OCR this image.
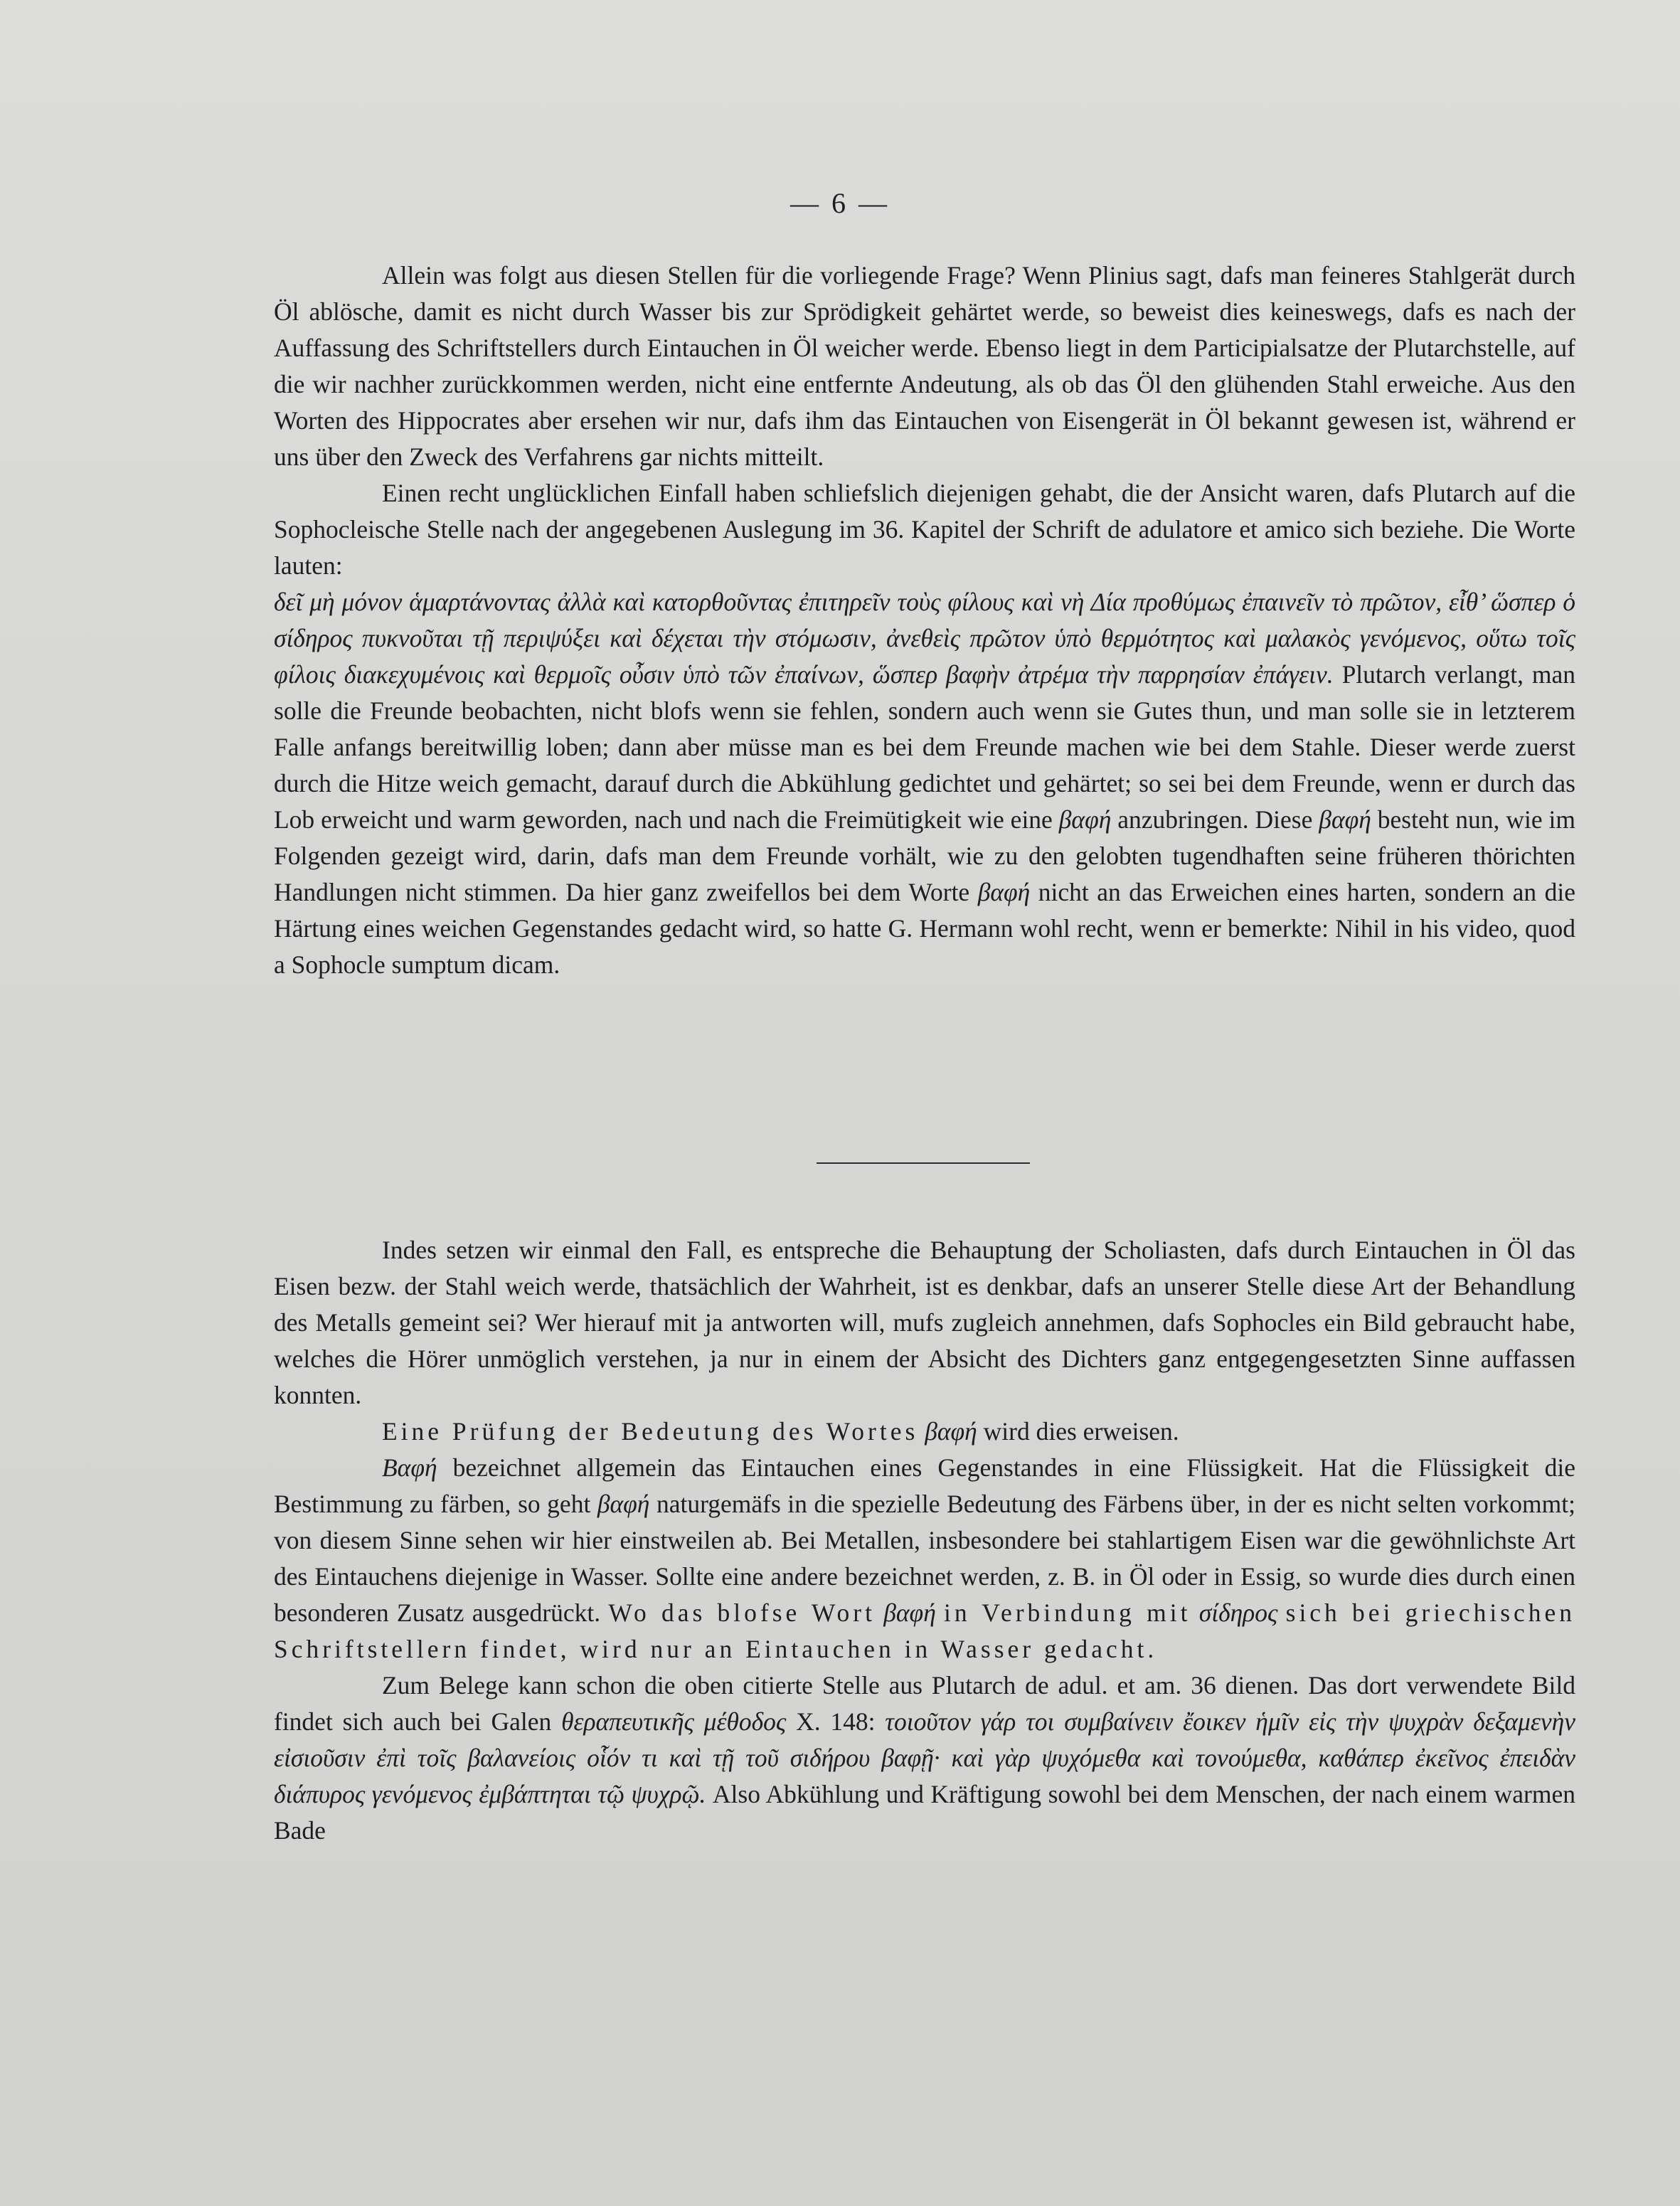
— 6 —

Allein was folgt aus diesen Stellen für die vorliegende Frage? Wenn Plinius sagt, dafs man feineres Stahlgerät durch Öl ablösche, damit es nicht durch Wasser bis zur Sprödigkeit gehärtet werde, so beweist dies keineswegs, dafs es nach der Auffassung des Schriftstellers durch Eintauchen in Öl weicher werde. Ebenso liegt in dem Participialsatze der Plutarchstelle, auf die wir nachher zurückkommen werden, nicht eine entfernte Andeutung, als ob das Öl den glühenden Stahl erweiche. Aus den Worten des Hippocrates aber ersehen wir nur, dafs ihm das Eintauchen von Eisengerät in Öl bekannt gewesen ist, während er uns über den Zweck des Verfahrens gar nichts mitteilt.

Einen recht unglücklichen Einfall haben schliefslich diejenigen gehabt, die der Ansicht waren, dafs Plutarch auf die Sophocleische Stelle nach der angegebenen Auslegung im 36. Kapitel der Schrift de adulatore et amico sich beziehe. Die Worte lauten:

δεῖ μὴ μόνον ἁμαρτάνοντας ἀλλὰ καὶ κατορθοῦντας ἐπιτηρεῖν τοὺς φίλους καὶ νὴ Δία προθύμως ἐπαινεῖν τὸ πρῶτον, εἶθ’ ὥσπερ ὁ σίδηρος πυκνοῦται τῇ περιψύξει καὶ δέχεται τὴν στόμωσιν, ἀνεθεὶς πρῶτον ὑπὸ θερμότητος καὶ μαλακὸς γενόμενος, οὕτω τοῖς φίλοις διακεχυμένοις καὶ θερμοῖς οὖσιν ὑπὸ τῶν ἐπαίνων, ὥσπερ βαφὴν ἀτρέμα τὴν παρρησίαν ἐπάγειν. Plutarch verlangt, man solle die Freunde beobachten, nicht blofs wenn sie fehlen, sondern auch wenn sie Gutes thun, und man solle sie in letzterem Falle anfangs bereitwillig loben; dann aber müsse man es bei dem Freunde machen wie bei dem Stahle. Dieser werde zuerst durch die Hitze weich gemacht, darauf durch die Abkühlung gedichtet und gehärtet; so sei bei dem Freunde, wenn er durch das Lob erweicht und warm geworden, nach und nach die Freimütigkeit wie eine βαφή anzubringen. Diese βαφή besteht nun, wie im Folgenden gezeigt wird, darin, dafs man dem Freunde vorhält, wie zu den gelobten tugendhaften seine früheren thörichten Handlungen nicht stimmen. Da hier ganz zweifellos bei dem Worte βαφή nicht an das Erweichen eines harten, sondern an die Härtung eines weichen Gegenstandes gedacht wird, so hatte G. Hermann wohl recht, wenn er bemerkte: Nihil in his video, quod a Sophocle sumptum dicam.

Indes setzen wir einmal den Fall, es entspreche die Behauptung der Scholiasten, dafs durch Eintauchen in Öl das Eisen bezw. der Stahl weich werde, thatsächlich der Wahrheit, ist es denkbar, dafs an unserer Stelle diese Art der Behandlung des Metalls gemeint sei? Wer hierauf mit ja antworten will, mufs zugleich annehmen, dafs Sophocles ein Bild gebraucht habe, welches die Hörer unmöglich verstehen, ja nur in einem der Absicht des Dichters ganz entgegengesetzten Sinne auffassen konnten.

Eine Prüfung der Bedeutung des Wortes βαφή wird dies erweisen.

Βαφή bezeichnet allgemein das Eintauchen eines Gegenstandes in eine Flüssigkeit. Hat die Flüssigkeit die Bestimmung zu färben, so geht βαφή naturgemäfs in die spezielle Bedeutung des Färbens über, in der es nicht selten vorkommt; von diesem Sinne sehen wir hier einstweilen ab. Bei Metallen, insbesondere bei stahlartigem Eisen war die gewöhnlichste Art des Eintauchens diejenige in Wasser. Sollte eine andere bezeichnet werden, z. B. in Öl oder in Essig, so wurde dies durch einen besonderen Zusatz ausgedrückt. Wo das blofse Wort βαφή in Verbindung mit σίδηρος sich bei griechischen Schriftstellern findet, wird nur an Eintauchen in Wasser gedacht.

Zum Belege kann schon die oben citierte Stelle aus Plutarch de adul. et am. 36 dienen. Das dort verwendete Bild findet sich auch bei Galen θεραπευτικῆς μέθοδος X. 148: τοιοῦτον γάρ τοι συμβαίνειν ἔοικεν ἡμῖν εἰς τὴν ψυχρὰν δεξαμενὴν εἰσιοῦσιν ἐπὶ τοῖς βαλανείοις οἷόν τι καὶ τῇ τοῦ σιδήρου βαφῇ· καὶ γὰρ ψυχόμεθα καὶ τονούμεθα, καθάπερ ἐκεῖνος ἐπειδὰν διάπυρος γενόμενος ἐμβάπτηται τῷ ψυχρῷ. Also Abkühlung und Kräftigung sowohl bei dem Menschen, der nach einem warmen Bade
